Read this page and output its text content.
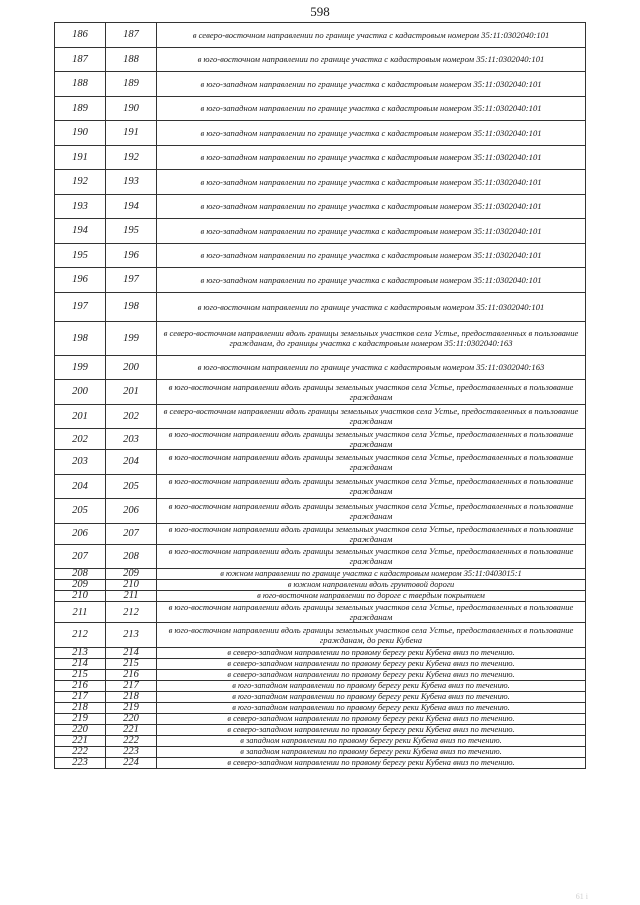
598
186	187	в северо-восточном направлении по границе участка с кадастровым номером 35:11:0302040:101
187	188	в юго-восточном направлении по границе участка с кадастровым номером 35:11:0302040:101
188	189	в юго-западном направлении по границе участка с кадастровым номером 35:11:0302040:101
189	190	в юго-западном направлении по границе участка с кадастровым номером 35:11:0302040:101
190	191	в юго-западном направлении по границе участка с кадастровым номером 35:11:0302040:101
191	192	в юго-западном направлении по границе участка с кадастровым номером 35:11:0302040:101
192	193	в юго-западном направлении по границе участка с кадастровым номером 35:11:0302040:101
193	194	в юго-западном направлении по границе участка с кадастровым номером 35:11:0302040:101
194	195	в юго-западном направлении по границе участка с кадастровым номером 35:11:0302040:101
195	196	в юго-западном направлении по границе участка с кадастровым номером 35:11:0302040:101
196	197	в юго-западном направлении по границе участка с кадастровым номером 35:11:0302040:101
197	198	в юго-восточном направлении по границе участка с кадастровым номером 35:11:0302040:101
198	199	в северо-восточном направлении вдоль границы земельных участков села Устье, предоставленных в пользование гражданам, до границы участка с кадастровым номером 35:11:0302040:163
199	200	в юго-восточном направлении по границе участка с кадастровым номером 35:11:0302040:163
200	201	в юго-восточном направлении вдоль границы земельных участков села Устье, предоставленных в пользование гражданам
201	202	в северо-восточном направлении вдоль границы земельных участков села Устье, предоставленных в пользование гражданам
202	203	в юго-восточном направлении вдоль границы земельных участков села Устье, предоставленных в пользование гражданам
203	204	в юго-восточном направлении вдоль границы земельных участков села Устье, предоставленных в пользование гражданам
204	205	в юго-восточном направлении вдоль границы земельных участков села Устье, предоставленных в пользование гражданам
205	206	в юго-восточном направлении вдоль границы земельных участков села Устье, предоставленных в пользование гражданам
206	207	в юго-восточном направлении вдоль границы земельных участков села Устье, предоставленных в пользование гражданам
207	208	в юго-восточном направлении вдоль границы земельных участков села Устье, предоставленных в пользование гражданам
208	209	в южном направлении по границе участка с кадастровым номером 35:11:0403015:1
209	210	в южном направлении вдоль грунтовой дороги
210	211	в юго-восточном направлении по дороге с твердым покрытием
211	212	в юго-восточном направлении вдоль границы земельных участков села Устье, предоставленных в пользование гражданам
212	213	в юго-восточном направлении вдоль границы земельных участков села Устье, предоставленных в пользование гражданам, до реки Кубена
213	214	в северо-западном направлении по правому берегу реки Кубена вниз по течению.
214	215	в северо-западном направлении по правому берегу реки Кубена вниз по течению.
215	216	в северо-западном направлении по правому берегу реки Кубена вниз по течению.
216	217	в юго-западном направлении по правому берегу реки Кубена вниз по течению.
217	218	в юго-западном направлении по правому берегу реки Кубена вниз по течению.
218	219	в юго-западном направлении по правому берегу реки Кубена вниз по течению.
219	220	в северо-западном направлении по правому берегу реки Кубена вниз по течению.
220	221	в северо-западном направлении по правому берегу реки Кубена вниз по течению.
221	222	в западном направлении по правому берегу реки Кубена вниз по течению.
222	223	в западном направлении по правому берегу реки Кубена вниз по течению.
223	224	в северо-западном направлении по правому берегу реки Кубена вниз по течению.
61 i
